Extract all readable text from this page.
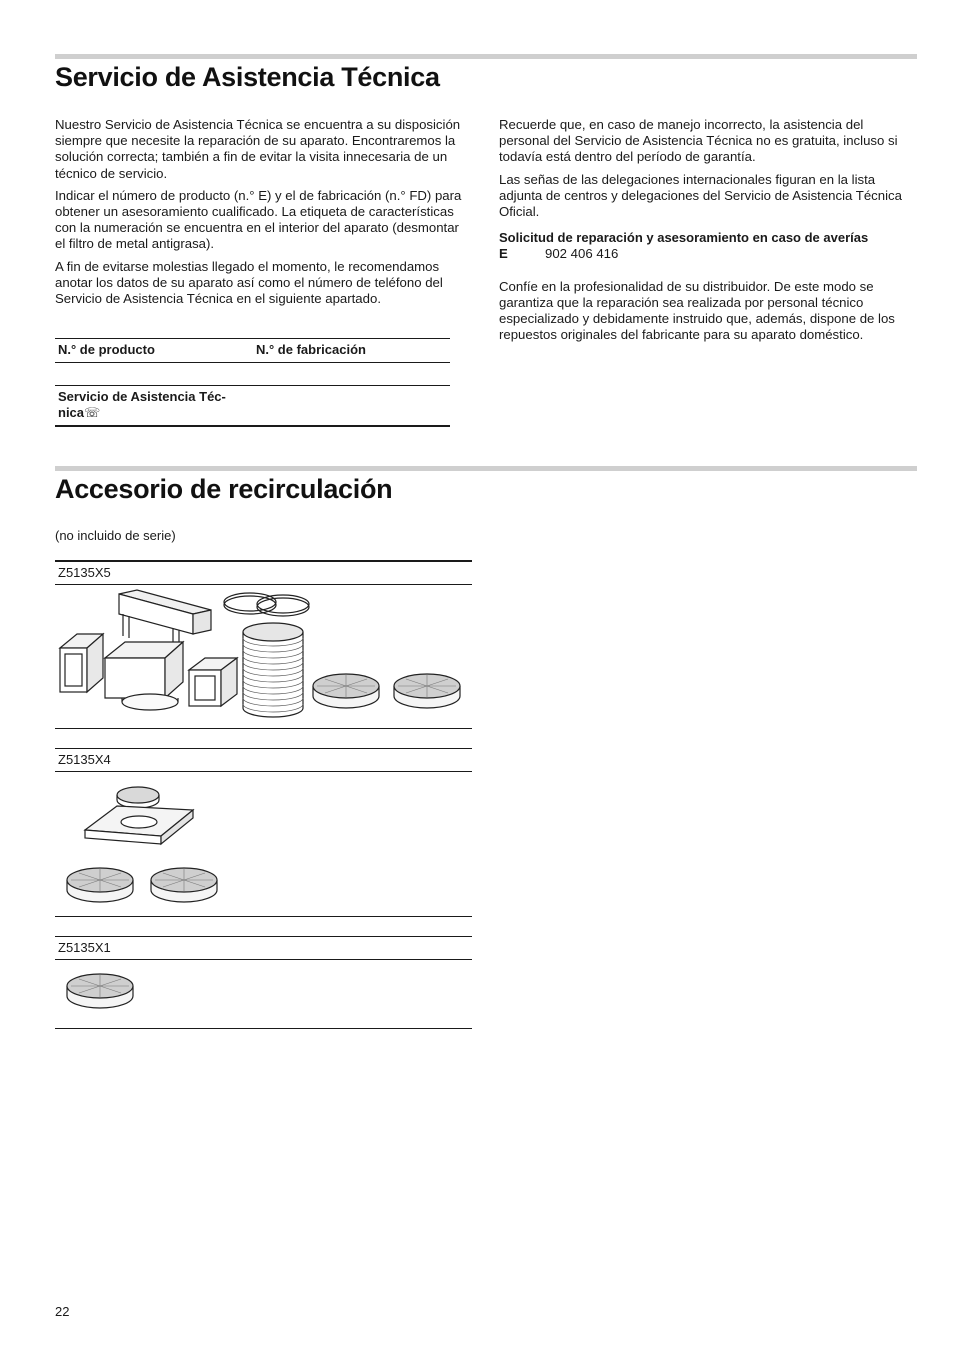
Servicio de Asistencia Técnica

Nuestro Servicio de Asistencia Técnica se encuentra a su disposición siempre que necesite la reparación de su aparato. Encontraremos la solución correcta; también a fin de evitar la visita innecesaria de un técnico de servicio.

Indicar el número de producto (n.° E) y el de fabricación (n.° FD) para obtener un asesoramiento cualificado. La etiqueta de características con la numeración se encuentra en el interior del aparato (desmontar el filtro de metal antigrasa).

A fin de evitarse molestias llegado el momento, le recomendamos anotar los datos de su aparato así como el número de teléfono del Servicio de Asistencia Técnica en el siguiente apartado.

N.° de producto	N.° de fabricación
Servicio de Asistencia Téc-
nica☏

Recuerde que, en caso de manejo incorrecto, la asistencia del personal del Servicio de Asistencia Técnica no es gratuita, incluso si todavía está dentro del período de garantía.

Las señas de las delegaciones internacionales figuran en la lista adjunta de centros y delegaciones del Servicio de Asistencia Técnica Oficial.

Solicitud de reparación y asesoramiento en caso de averías
E	902 406 416

Confíe en la profesionalidad de su distribuidor. De este modo se garantiza que la reparación sea realizada por personal técnico especializado y debidamente instruido que, además, dispone de los repuestos originales del fabricante para su aparato doméstico.

Accesorio de recirculación
(no incluido de serie)
Z5135X5
Z5135X4
Z5135X1
22
